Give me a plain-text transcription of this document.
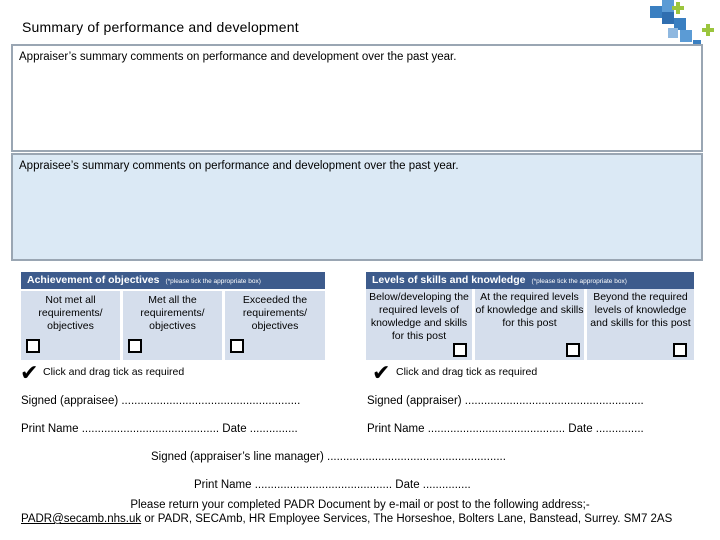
Summary of performance and development
Appraiser’s summary comments on performance and development over the past year.
Appraisee’s summary comments on performance and development over the past year.
Achievement of objectives (*please tick the appropriate box)
Not met all requirements/ objectives
Met all the requirements/ objectives
Exceeded the requirements/ objectives
✔ Click and drag tick as required
Levels of skills and knowledge (*please tick the appropriate box)
Below/developing the required levels of knowledge and skills for this post
At the required levels of knowledge and skills for this post
Beyond the required levels of knowledge and skills for this post
✔ Click and drag tick as required
Signed (appraisee) ........................................................	Signed (appraiser) ........................................................
Print Name ........................................... Date ...............	Print Name ........................................... Date ...............
Signed (appraiser’s line manager) ........................................................
Print Name ........................................... Date ...............
Please return your completed PADR Document by e-mail or post to the following address;-
PADR@secamb.nhs.uk or PADR, SECAmb, HR Employee Services, The Horseshoe, Bolters Lane, Banstead, Surrey. SM7 2AS
